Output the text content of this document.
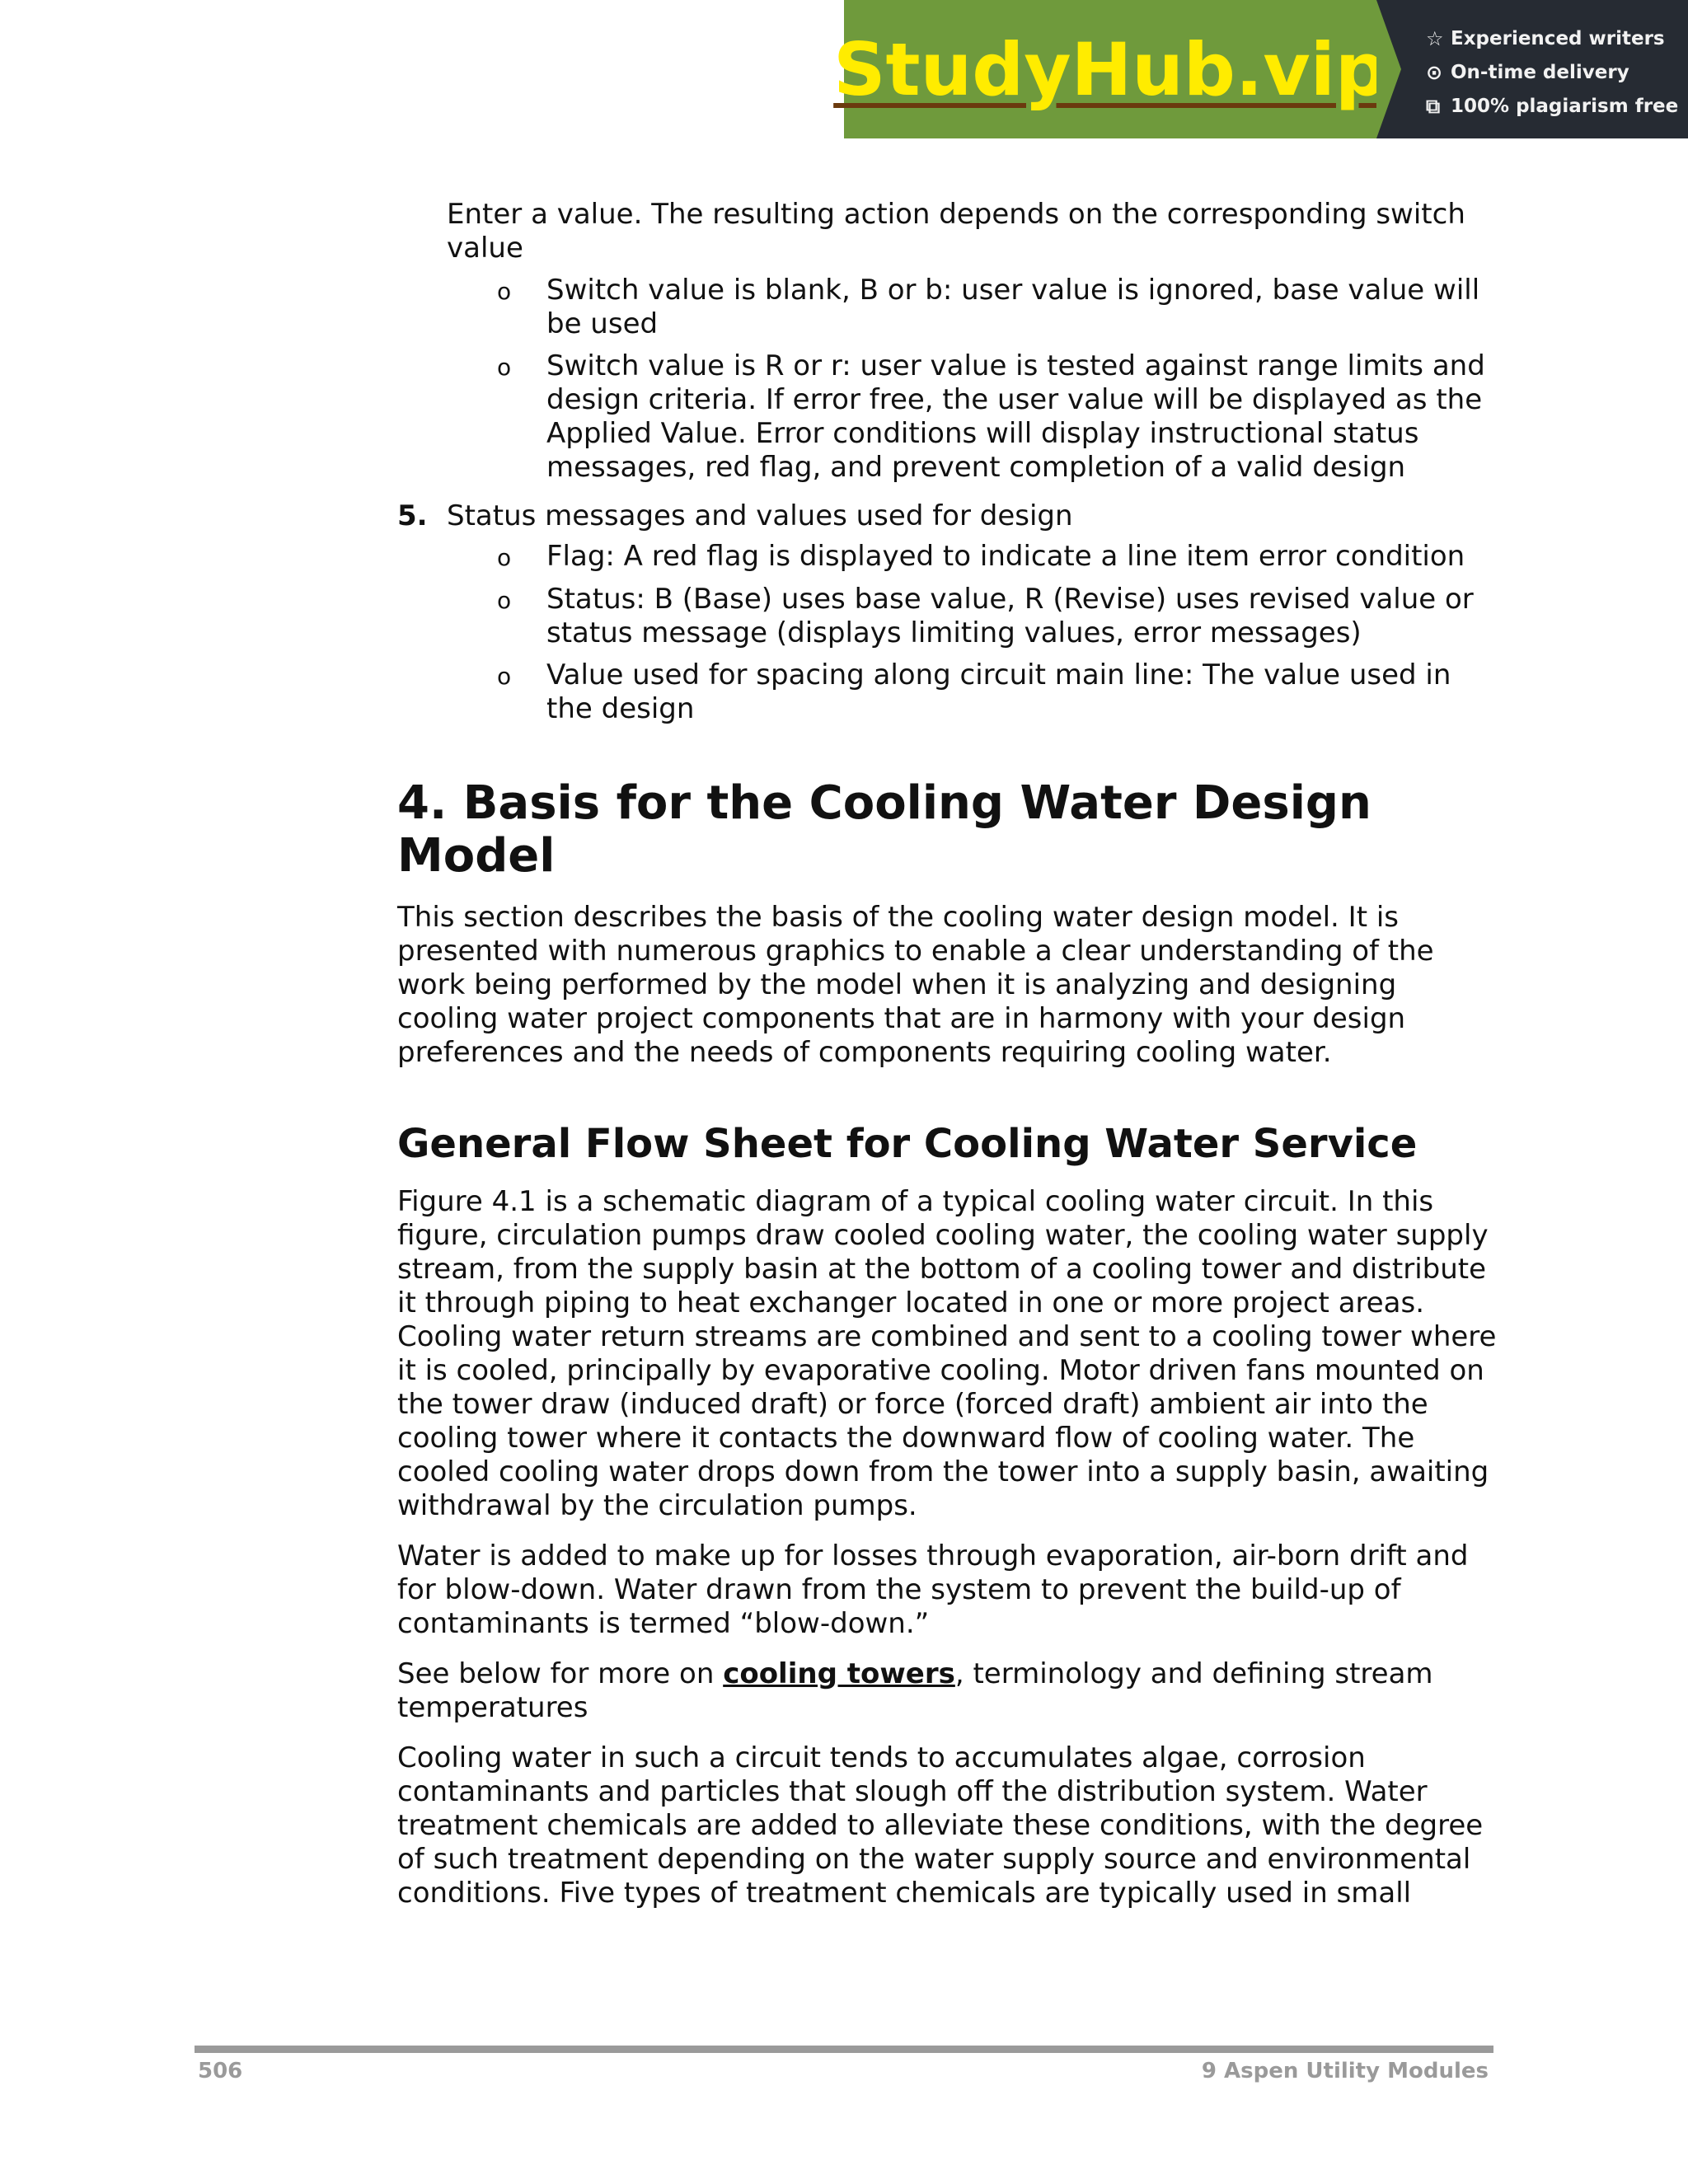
StudyHub.vip ☆ Experienced writers
⊙ On-time delivery
⧉ 100% plagiarism free

Enter a value. The resulting action depends on the corresponding switch value

o	Switch value is blank, B or b: user value is ignored, base value will be used
o	Switch value is R or r: user value is tested against range limits and design criteria. If error free, the user value will be displayed as the Applied Value. Error conditions will display instructional status messages, red flag, and prevent completion of a valid design
5. Status messages and values used for design
o	Flag: A red flag is displayed to indicate a line item error condition
o	Status: B (Base) uses base value, R (Revise) uses revised value or status message (displays limiting values, error messages)
o	Value used for spacing along circuit main line: The value used in the design
4. Basis for the Cooling Water Design Model

This section describes the basis of the cooling water design model. It is presented with numerous graphics to enable a clear understanding of the work being performed by the model when it is analyzing and designing cooling water project components that are in harmony with your design preferences and the needs of components requiring cooling water.

General Flow Sheet for Cooling Water Service

Figure 4.1 is a schematic diagram of a typical cooling water circuit. In this figure, circulation pumps draw cooled cooling water, the cooling water supply stream, from the supply basin at the bottom of a cooling tower and distribute it through piping to heat exchanger located in one or more project areas. Cooling water return streams are combined and sent to a cooling tower where it is cooled, principally by evaporative cooling. Motor driven fans mounted on the tower draw (induced draft) or force (forced draft) ambient air into the cooling tower where it contacts the downward flow of cooling water. The cooled cooling water drops down from the tower into a supply basin, awaiting withdrawal by the circulation pumps.

Water is added to make up for losses through evaporation, air-born drift and for blow-down. Water drawn from the system to prevent the build-up of contaminants is termed “blow-down.”

See below for more on cooling towers, terminology and defining stream temperatures

Cooling water in such a circuit tends to accumulates algae, corrosion contaminants and particles that slough off the distribution system. Water treatment chemicals are added to alleviate these conditions, with the degree of such treatment depending on the water supply source and environmental conditions. Five types of treatment chemicals are typically used in small

506	9 Aspen Utility Modules
